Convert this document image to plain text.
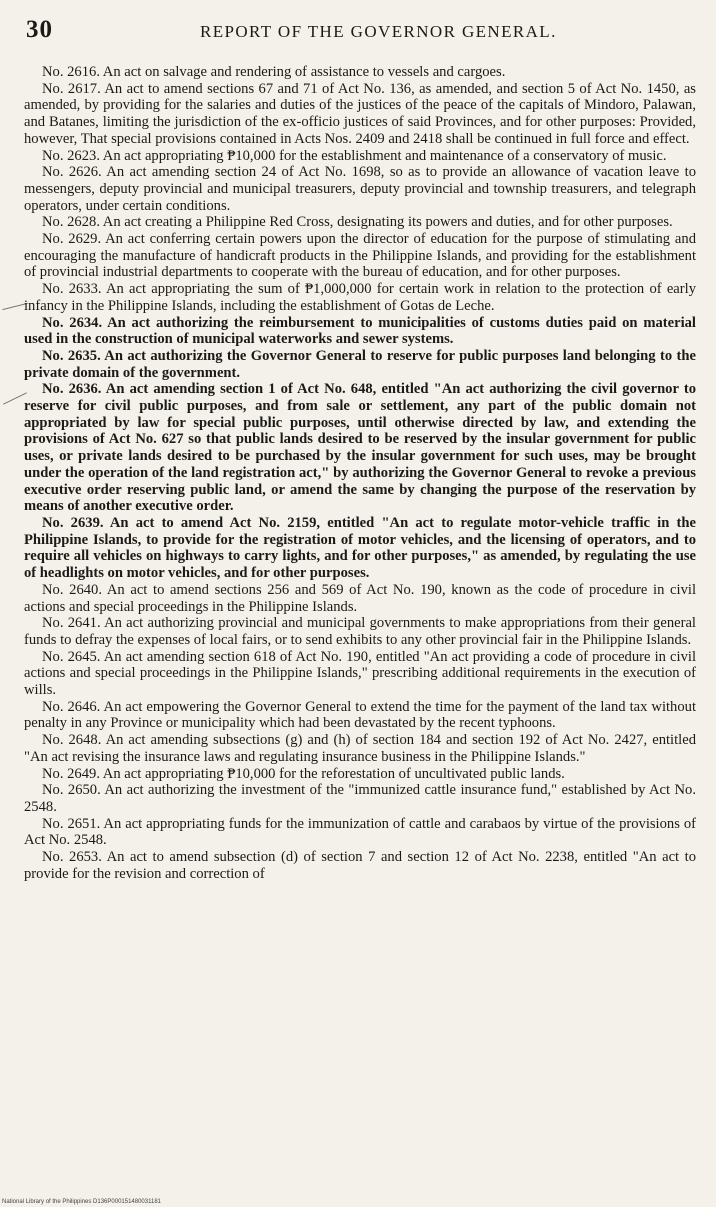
30	REPORT OF THE GOVERNOR GENERAL.

No. 2616. An act on salvage and rendering of assistance to vessels and cargoes.

No. 2617. An act to amend sections 67 and 71 of Act No. 136, as amended, and section 5 of Act No. 1450, as amended, by providing for the salaries and duties of the justices of the peace of the capitals of Mindoro, Palawan, and Batanes, limiting the jurisdiction of the ex-officio justices of said Provinces, and for other purposes: Provided, however, That special provisions contained in Acts Nos. 2409 and 2418 shall be continued in full force and effect.

No. 2623. An act appropriating ₱10,000 for the establishment and maintenance of a conservatory of music.

No. 2626. An act amending section 24 of Act No. 1698, so as to provide an allowance of vacation leave to messengers, deputy provincial and municipal treasurers, deputy provincial and township treasurers, and telegraph operators, under certain conditions.

No. 2628. An act creating a Philippine Red Cross, designating its powers and duties, and for other purposes.

No. 2629. An act conferring certain powers upon the director of education for the purpose of stimulating and encouraging the manufacture of handicraft products in the Philippine Islands, and providing for the establishment of provincial industrial departments to cooperate with the bureau of education, and for other purposes.

No. 2633. An act appropriating the sum of ₱1,000,000 for certain work in relation to the protection of early infancy in the Philippine Islands, including the establishment of Gotas de Leche.

No. 2634. An act authorizing the reimbursement to municipalities of customs duties paid on material used in the construction of municipal waterworks and sewer systems.

No. 2635. An act authorizing the Governor General to reserve for public purposes land belonging to the private domain of the government.

No. 2636. An act amending section 1 of Act No. 648, entitled "An act authorizing the civil governor to reserve for civil public purposes, and from sale or settlement, any part of the public domain not appropriated by law for special public purposes, until otherwise directed by law, and extending the provisions of Act No. 627 so that public lands desired to be reserved by the insular government for public uses, or private lands desired to be purchased by the insular government for such uses, may be brought under the operation of the land registration act," by authorizing the Governor General to revoke a previous executive order reserving public land, or amend the same by changing the purpose of the reservation by means of another executive order.

No. 2639. An act to amend Act No. 2159, entitled "An act to regulate motor-vehicle traffic in the Philippine Islands, to provide for the registration of motor vehicles, and the licensing of operators, and to require all vehicles on highways to carry lights, and for other purposes," as amended, by regulating the use of headlights on motor vehicles, and for other purposes.

No. 2640. An act to amend sections 256 and 569 of Act No. 190, known as the code of procedure in civil actions and special proceedings in the Philippine Islands.

No. 2641. An act authorizing provincial and municipal governments to make appropriations from their general funds to defray the expenses of local fairs, or to send exhibits to any other provincial fair in the Philippine Islands.

No. 2645. An act amending section 618 of Act No. 190, entitled "An act providing a code of procedure in civil actions and special proceedings in the Philippine Islands," prescribing additional requirements in the execution of wills.

No. 2646. An act empowering the Governor General to extend the time for the payment of the land tax without penalty in any Province or municipality which had been devastated by the recent typhoons.

No. 2648. An act amending subsections (g) and (h) of section 184 and section 192 of Act No. 2427, entitled "An act revising the insurance laws and regulating insurance business in the Philippine Islands."

No. 2649. An act appropriating ₱10,000 for the reforestation of uncultivated public lands.

No. 2650. An act authorizing the investment of the "immunized cattle insurance fund," established by Act No. 2548.

No. 2651. An act appropriating funds for the immunization of cattle and carabaos by virtue of the provisions of Act No. 2548.

No. 2653. An act to amend subsection (d) of section 7 and section 12 of Act No. 2238, entitled "An act to provide for the revision and correction of

National Library of the Philippines D136P000151480031181
